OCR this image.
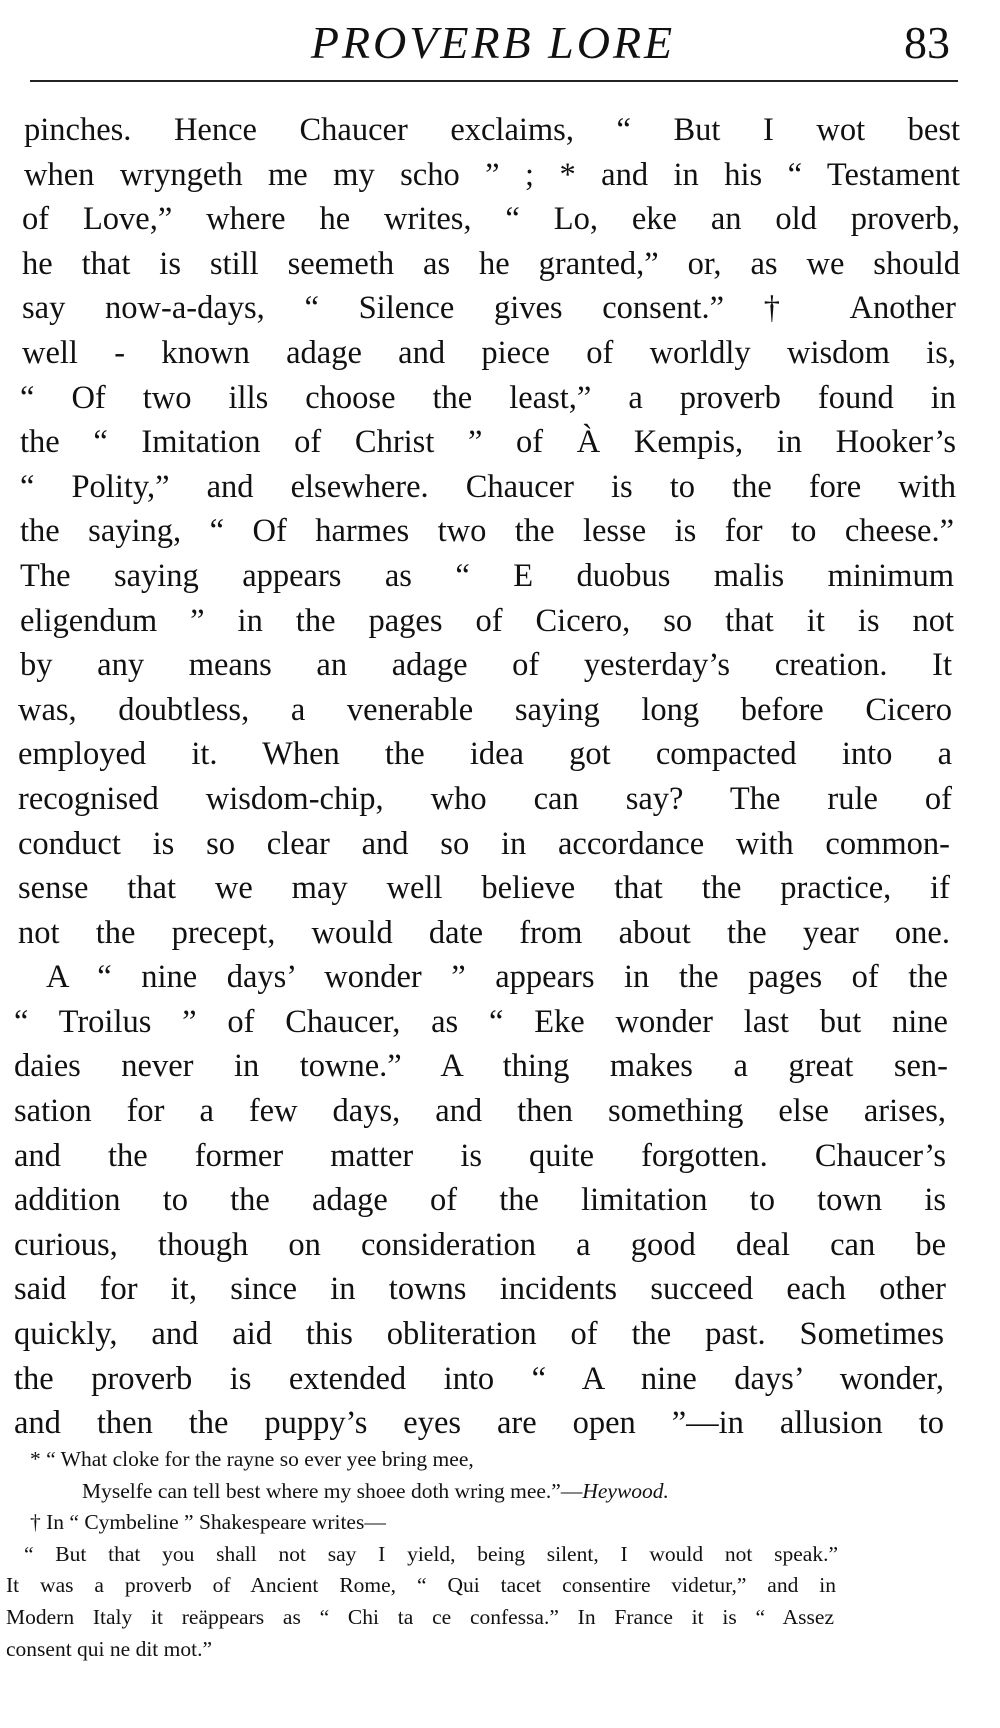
PROVERB LORE	83
pinches. Hence Chaucer exclaims, “ But I wot best
when wryngeth me my scho ” ; * and in his “ Testament
of Love,” where he writes, “ Lo, eke an old proverb,
he that is still seemeth as he granted,” or, as we should
say now-a-days, “ Silence gives consent.” † Another
well - known adage and piece of worldly wisdom is,
“ Of two ills choose the least,” a proverb found in
the “ Imitation of Christ ” of À Kempis, in Hooker’s
“ Polity,” and elsewhere. Chaucer is to the fore with
the saying, “ Of harmes two the lesse is for to cheese.”
The saying appears as “ E duobus malis minimum
eligendum ” in the pages of Cicero, so that it is not
by any means an adage of yesterday’s creation. It
was, doubtless, a venerable saying long before Cicero
employed it. When the idea got compacted into a
recognised wisdom-chip, who can say? The rule of
conduct is so clear and so in accordance with common-
sense that we may well believe that the practice, if
not the precept, would date from about the year one.
A “ nine days’ wonder ” appears in the pages of the
“ Troilus ” of Chaucer, as “ Eke wonder last but nine
daies never in towne.” A thing makes a great sen-
sation for a few days, and then something else arises,
and the former matter is quite forgotten. Chaucer’s
addition to the adage of the limitation to town is
curious, though on consideration a good deal can be
said for it, since in towns incidents succeed each other
quickly, and aid this obliteration of the past. Sometimes
the proverb is extended into “ A nine days’ wonder,
and then the puppy’s eyes are open ”—in allusion to
* “ What cloke for the rayne so ever yee bring mee,
Myselfe can tell best where my shoee doth wring mee.”—Heywood.
† In “ Cymbeline ” Shakespeare writes—
“ But that you shall not say I yield, being silent, I would not speak.”
It was a proverb of Ancient Rome, “ Qui tacet consentire videtur,” and in
Modern Italy it reäppears as “ Chi ta ce confessa.” In France it is “ Assez
consent qui ne dit mot.”
